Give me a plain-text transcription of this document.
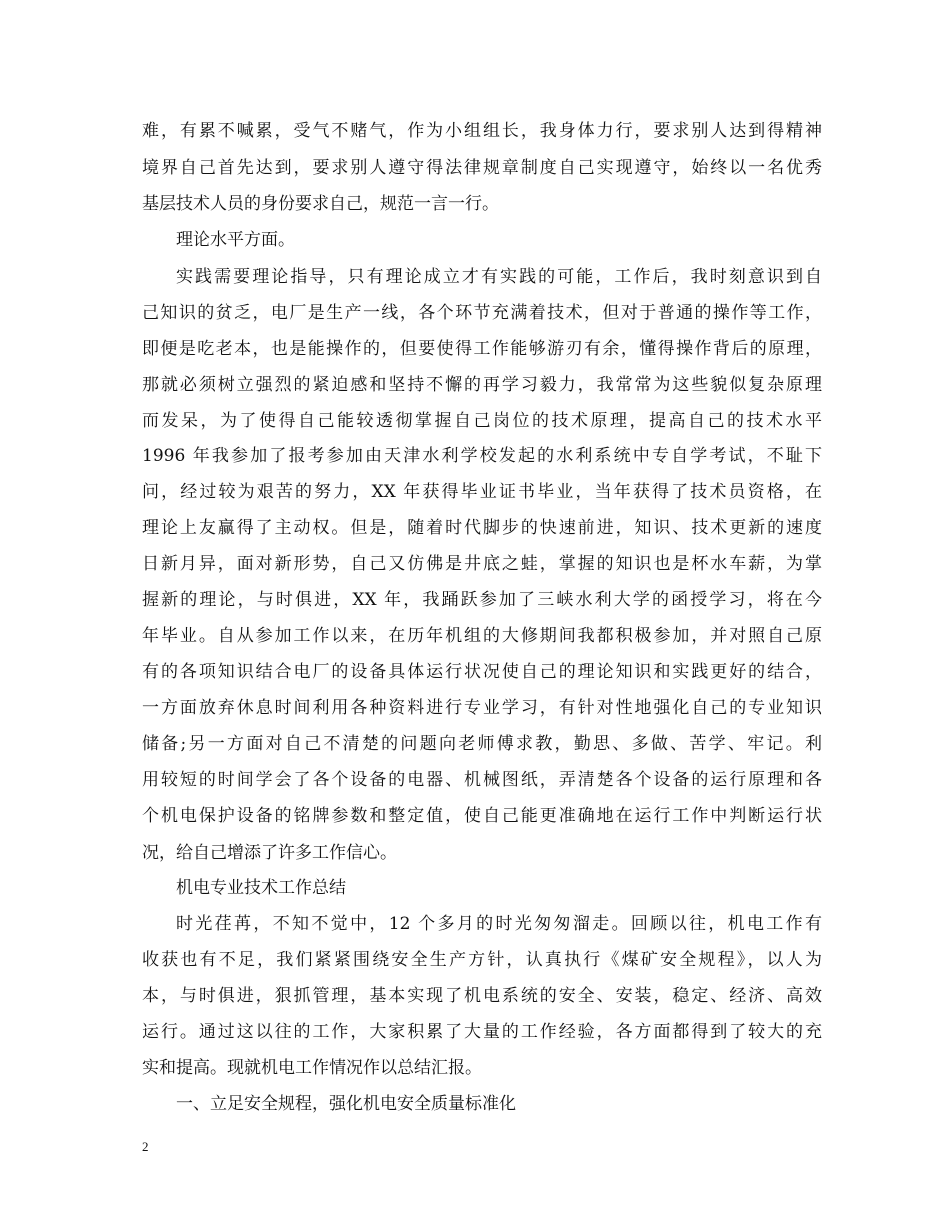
难，有累不喊累，受气不赌气，作为小组组长，我身体力行，要求别人达到得精神
境界自己首先达到，要求别人遵守得法律规章制度自己实现遵守，始终以一名优秀
基层技术人员的身份要求自己，规范一言一行。
理论水平方面。
实践需要理论指导，只有理论成立才有实践的可能，工作后，我时刻意识到自
己知识的贫乏，电厂是生产一线，各个环节充满着技术，但对于普通的操作等工作，
即便是吃老本，也是能操作的，但要使得工作能够游刃有余，懂得操作背后的原理，
那就必须树立强烈的紧迫感和坚持不懈的再学习毅力，我常常为这些貌似复杂原理
而发呆，为了使得自己能较透彻掌握自己岗位的技术原理，提高自己的技术水平
1996 年我参加了报考参加由天津水利学校发起的水利系统中专自学考试，不耻下
问，经过较为艰苦的努力，XX 年获得毕业证书毕业，当年获得了技术员资格，在
理论上友赢得了主动权。但是，随着时代脚步的快速前进，知识、技术更新的速度
日新月异，面对新形势，自己又仿佛是井底之蛙，掌握的知识也是杯水车薪，为掌
握新的理论，与时俱进，XX 年，我踊跃参加了三峡水利大学的函授学习，将在今
年毕业。自从参加工作以来，在历年机组的大修期间我都积极参加，并对照自己原
有的各项知识结合电厂的设备具体运行状况使自己的理论知识和实践更好的结合，
一方面放弃休息时间利用各种资料进行专业学习，有针对性地强化自己的专业知识
储备;另一方面对自己不清楚的问题向老师傅求教，勤思、多做、苦学、牢记。利
用较短的时间学会了各个设备的电器、机械图纸，弄清楚各个设备的运行原理和各
个机电保护设备的铭牌参数和整定值，使自己能更准确地在运行工作中判断运行状
况，给自己增添了许多工作信心。
机电专业技术工作总结
时光荏苒，不知不觉中，12 个多月的时光匆匆溜走。回顾以往，机电工作有
收获也有不足，我们紧紧围绕安全生产方针，认真执行《煤矿安全规程》，以人为
本，与时俱进，狠抓管理，基本实现了机电系统的安全、安装，稳定、经济、高效
运行。通过这以往的工作，大家积累了大量的工作经验，各方面都得到了较大的充
实和提高。现就机电工作情况作以总结汇报。
一、立足安全规程，强化机电安全质量标准化
2
